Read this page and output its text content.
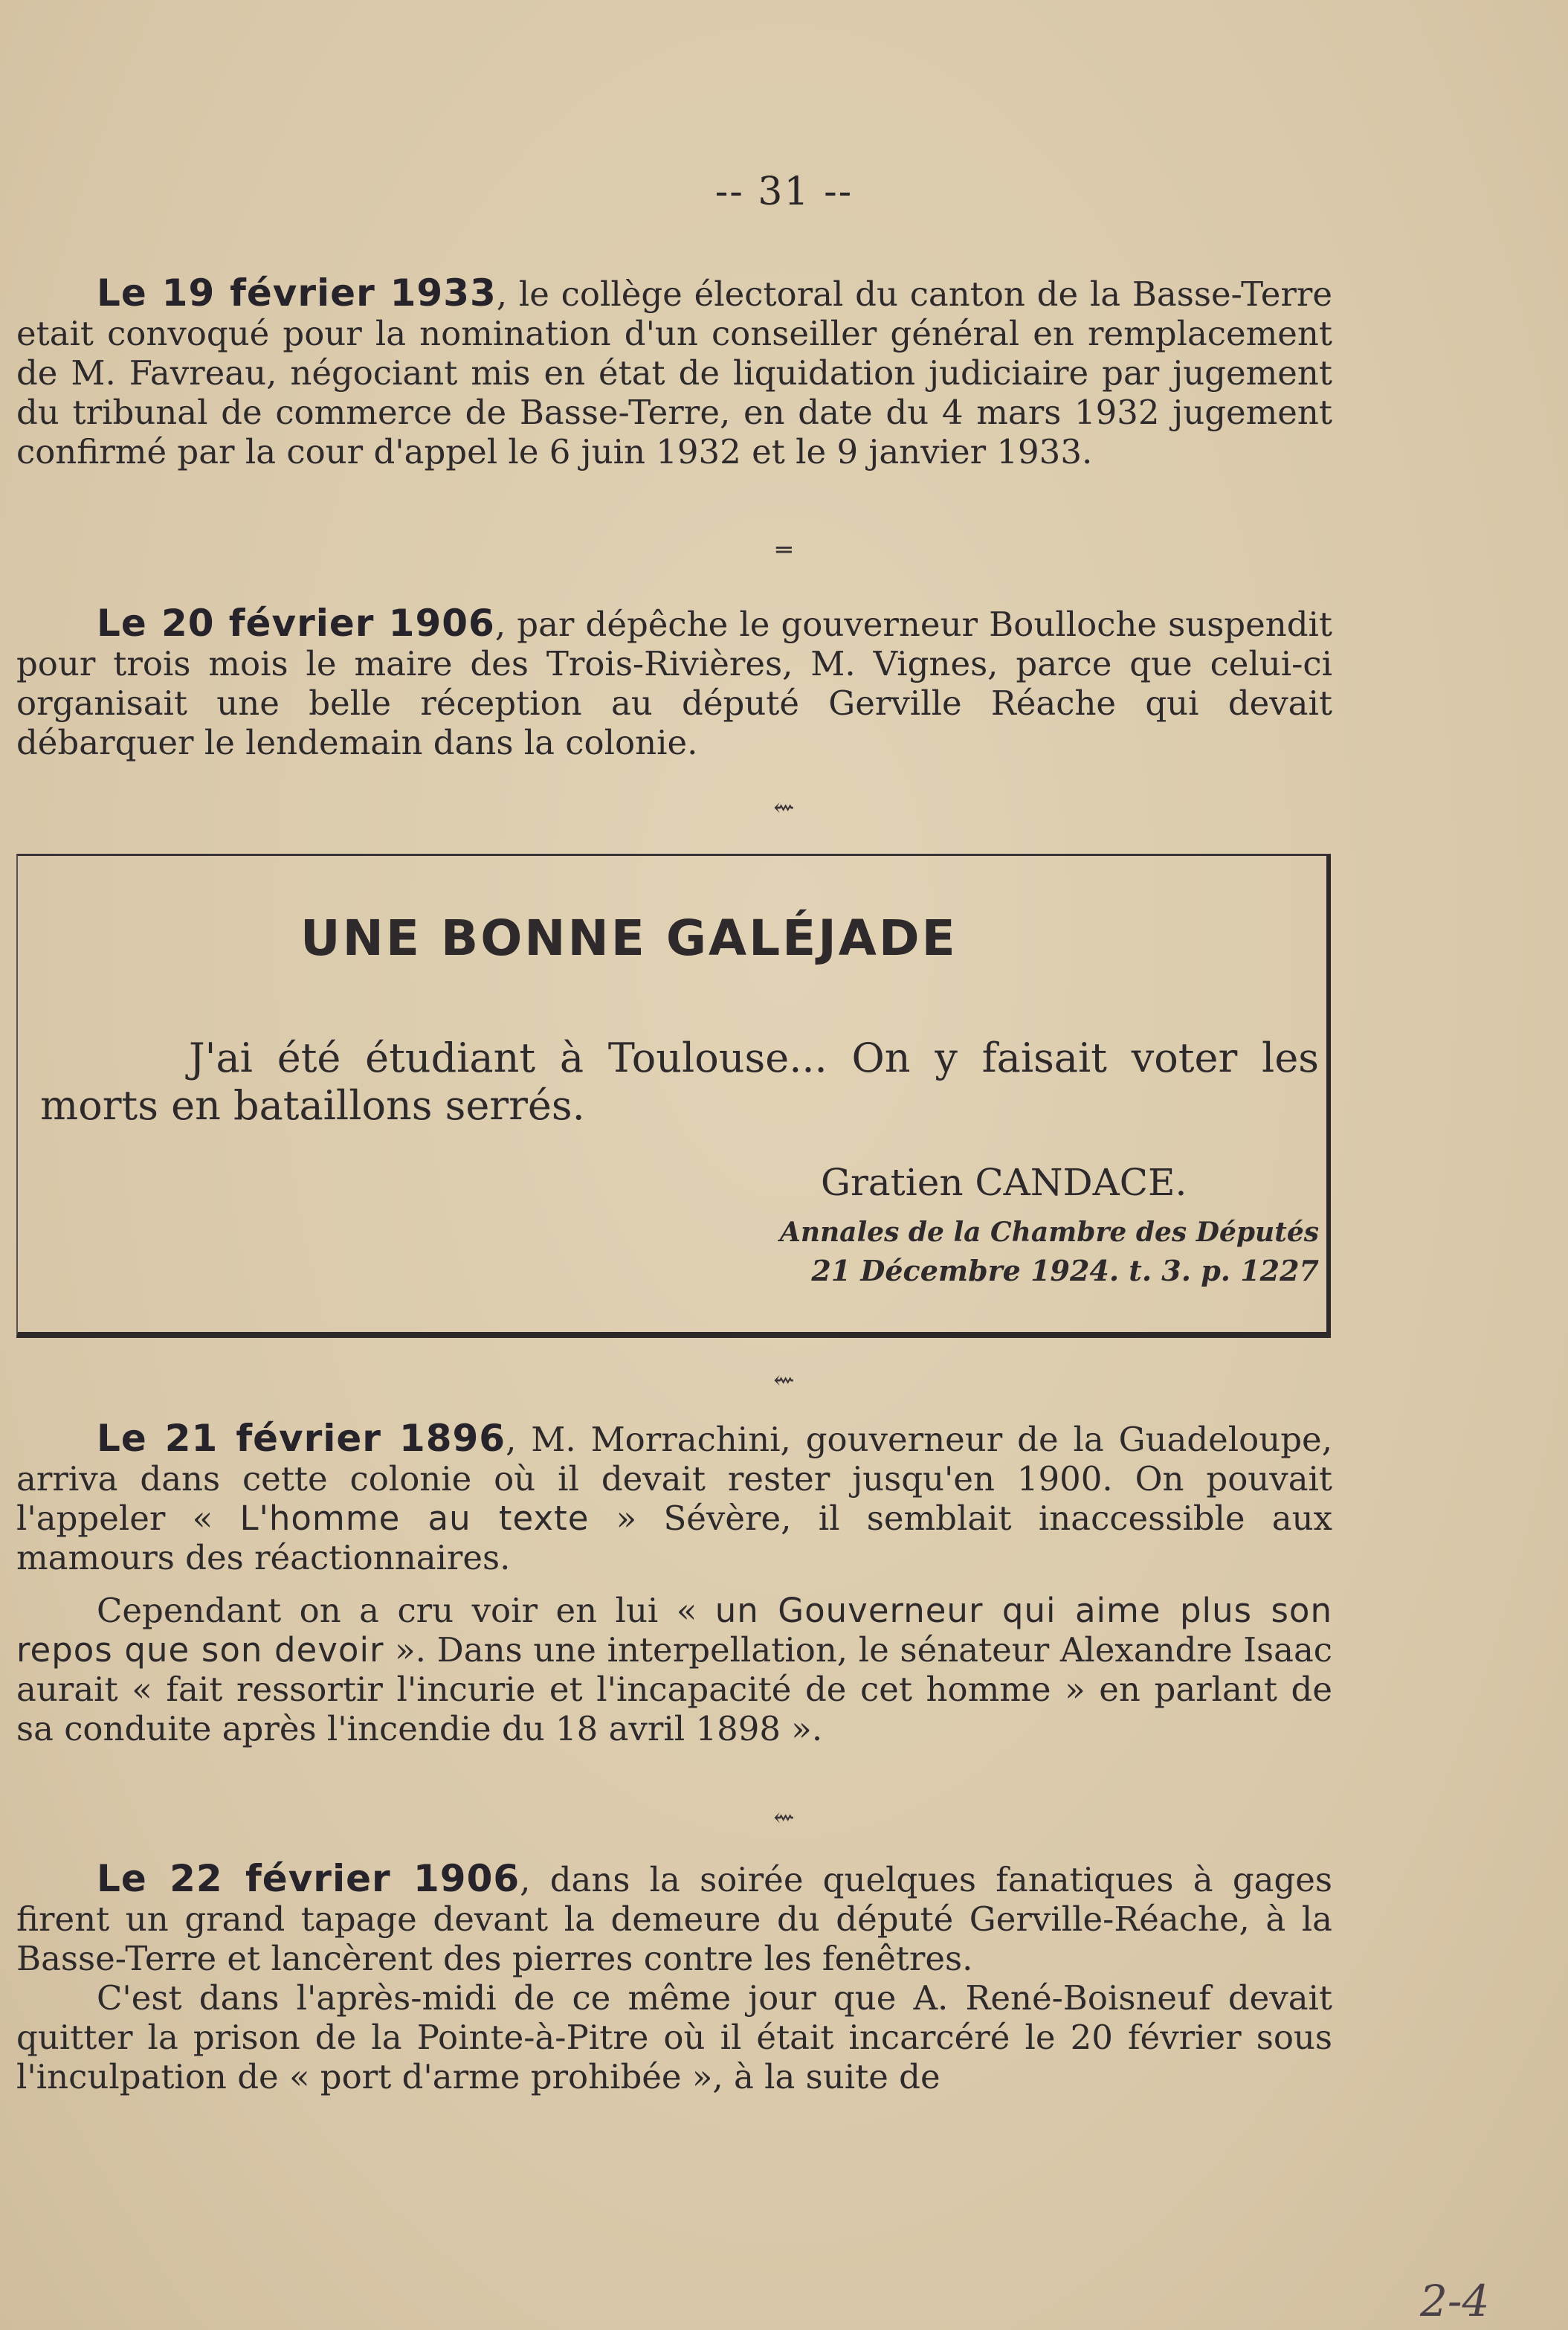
-- 31 --

Le 19 février 1933, le collège électoral du canton de la Basse-Terre etait convoqué pour la nomination d'un conseiller général en remplacement de M. Favreau, négociant mis en état de liquidation judiciaire par jugement du tribunal de commerce de Basse-Terre, en date du 4 mars 1932 jugement confirmé par la cour d'appel le 6 juin 1932 et le 9 janvier 1933.

═

Le 20 février 1906, par dépêche le gouverneur Boulloche suspendit pour trois mois le maire des Trois-Rivières, M. Vignes, parce que celui-ci organisait une belle réception au député Gerville Réache qui devait débarquer le lendemain dans la colonie.

⇜
UNE BONNE GALÉJADE
J'ai été étudiant à Toulouse... On y faisait voter les morts en bataillons serrés.
Gratien CANDACE.
Annales de la Chambre des Députés
21 Décembre 1924. t. 3. p. 1227
⇜

Le 21 février 1896, M. Morrachini, gouverneur de la Guadeloupe, arriva dans cette colonie où il devait rester jusqu'en 1900. On pouvait l'appeler « L'homme au texte » Sévère, il semblait inaccessible aux mamours des réactionnaires.

Cependant on a cru voir en lui « un Gouverneur qui aime plus son repos que son devoir ». Dans une interpellation, le sénateur Alexandre Isaac aurait « fait ressortir l'incurie et l'incapacité de cet homme » en parlant de sa conduite après l'incendie du 18 avril 1898 ».

⇜

Le 22 février 1906, dans la soirée quelques fanatiques à gages firent un grand tapage devant la demeure du député Gerville-Réache, à la Basse-Terre et lancèrent des pierres contre les fenêtres.

C'est dans l'après-midi de ce même jour que A. René-Boisneuf devait quitter la prison de la Pointe-à-Pitre où il était incarcéré le 20 février sous l'inculpation de « port d'arme prohibée », à la suite de

2-4
